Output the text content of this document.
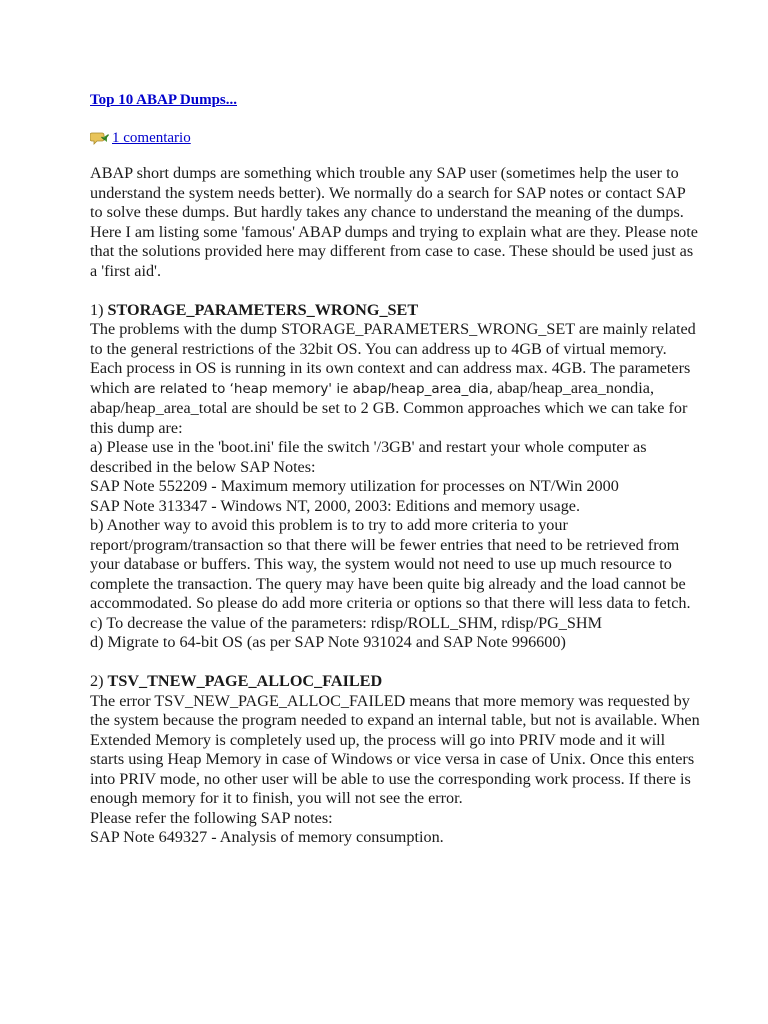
Top 10 ABAP Dumps...
1 comentario

ABAP short dumps are something which trouble any SAP user (sometimes help the user to understand the system needs better). We normally do a search for SAP notes or contact SAP to solve these dumps. But hardly takes any chance to understand the meaning of the dumps. Here I am listing some 'famous' ABAP dumps and trying to explain what are they. Please note that the solutions provided here may different from case to case. These should be used just as a 'first aid'.

1) STORAGE_PARAMETERS_WRONG_SET

The problems with the dump STORAGE_PARAMETERS_WRONG_SET are mainly related to the general restrictions of the 32bit OS. You can address up to 4GB of virtual memory. Each process in OS is running in its own context and can address max. 4GB. The parameters which are related to ‘heap memory' ie abap/heap_area_dia, abap/heap_area_nondia, abap/heap_area_total are should be set to 2 GB. Common approaches which we can take for this dump are:

a) Please use in the 'boot.ini' file the switch '/3GB' and restart your whole computer as described in the below SAP Notes:

SAP Note 552209 - Maximum memory utilization for processes on NT/Win 2000

SAP Note 313347 - Windows NT, 2000, 2003: Editions and memory usage.

b) Another way to avoid this problem is to try to add more criteria to your report/program/transaction so that there will be fewer entries that need to be retrieved from your database or buffers. This way, the system would not need to use up much resource to complete the transaction. The query may have been quite big already and the load cannot be accommodated. So please do add more criteria or options so that there will less data to fetch.

c) To decrease the value of the parameters: rdisp/ROLL_SHM, rdisp/PG_SHM

d) Migrate to 64-bit OS (as per SAP Note 931024 and SAP Note 996600)

2) TSV_TNEW_PAGE_ALLOC_FAILED

The error TSV_NEW_PAGE_ALLOC_FAILED means that more memory was requested by the system because the program needed to expand an internal table, but not is available. When Extended Memory is completely used up, the process will go into PRIV mode and it will starts using Heap Memory in case of Windows or vice versa in case of Unix. Once this enters into PRIV mode, no other user will be able to use the corresponding work process. If there is enough memory for it to finish, you will not see the error.

Please refer the following SAP notes:

SAP Note 649327 - Analysis of memory consumption.
